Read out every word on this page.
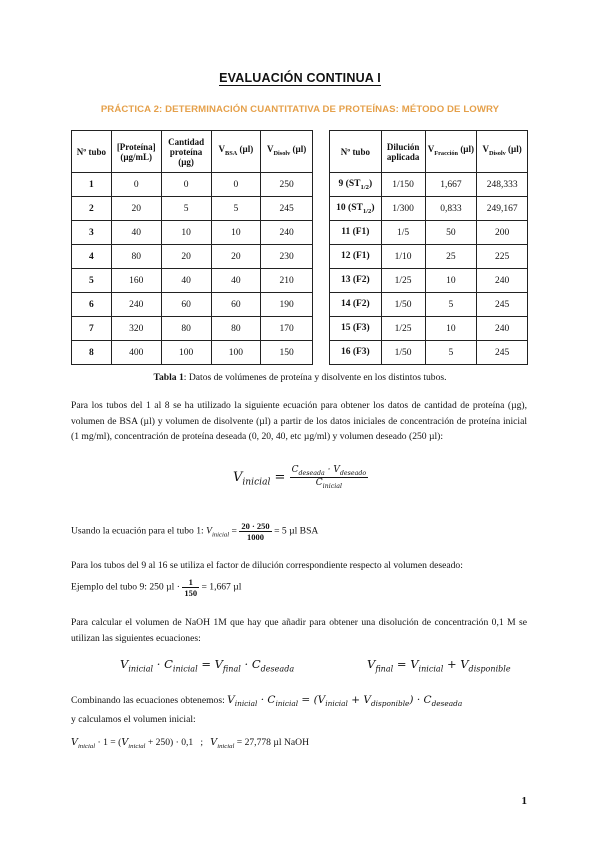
EVALUACIÓN CONTINUA I
PRÁCTICA 2: DETERMINACIÓN CUANTITATIVA DE PROTEÍNAS: MÉTODO DE LOWRY
Nº tubo	[Proteína] (µg/mL)	Cantidad proteína (µg)	$V_{BSA}$ (µl)	$V_{Disolv}$ (µl)
1	0	0	0	250
2	20	5	5	245
3	40	10	10	240
4	80	20	20	230
5	160	40	40	210
6	240	60	60	190
7	320	80	80	170
8	400	100	100	150
Nº tubo	Dilución aplicada	$V_{Fracción}$ (µl)	$V_{Disolv}$ (µl)
9 $(ST_{1/2})$	1/150	1,667	248,333
10 $(ST_{1/2})$	1/300	0,833	249,167
11 (F1)	1/5	50	200
12 (F1)	1/10	25	225
13 (F2)	1/25	10	240
14 (F2)	1/50	5	245
15 (F3)	1/25	10	240
16 (F3)	1/50	5	245
Tabla 1: Datos de volúmenes de proteína y disolvente en los distintos tubos.
Para los tubos del 1 al 8 se ha utilizado la siguiente ecuación para obtener los datos de cantidad de proteína (µg), volumen de BSA (µl) y volumen de disolvente (µl) a partir de los datos iniciales de concentración de proteína inicial (1 mg/ml), concentración de proteína deseada (0, 20, 40, etc µg/ml) y volumen deseado (250 µl):
$V_{inicial} = \frac{C_{deseada} \cdot V_{deseado}}{C_{inicial}}$
Usando la ecuación para el tubo 1: $V_{inicial} = \frac{20 \cdot 250}{1000} = 5$ µl BSA
Para los tubos del 9 al 16 se utiliza el factor de dilución correspondiente respecto al volumen deseado:
Ejemplo del tubo 9: 250 $\mu l \cdot \frac{1}{150} = 1,667$ µl
Para calcular el volumen de NaOH 1M que hay que añadir para obtener una disolución de concentración 0,1 M se utilizan las siguientes ecuaciones:
$V_{inicial} \cdot C_{inicial} = V_{final} \cdot C_{deseada}$	$V_{final} = V_{inicial} + V_{disponible}$
Combinando las ecuaciones obtenemos: $V_{inicial} \cdot C_{inicial} = (V_{inicial} + V_{disponible}) \cdot C_{deseada}$
y calculamos el volumen inicial:
$V_{inicial} \cdot 1 = (V_{inicial} + 250) \cdot 0,1$   ;   $V_{inicial} = 27,778$ µl NaOH
1
